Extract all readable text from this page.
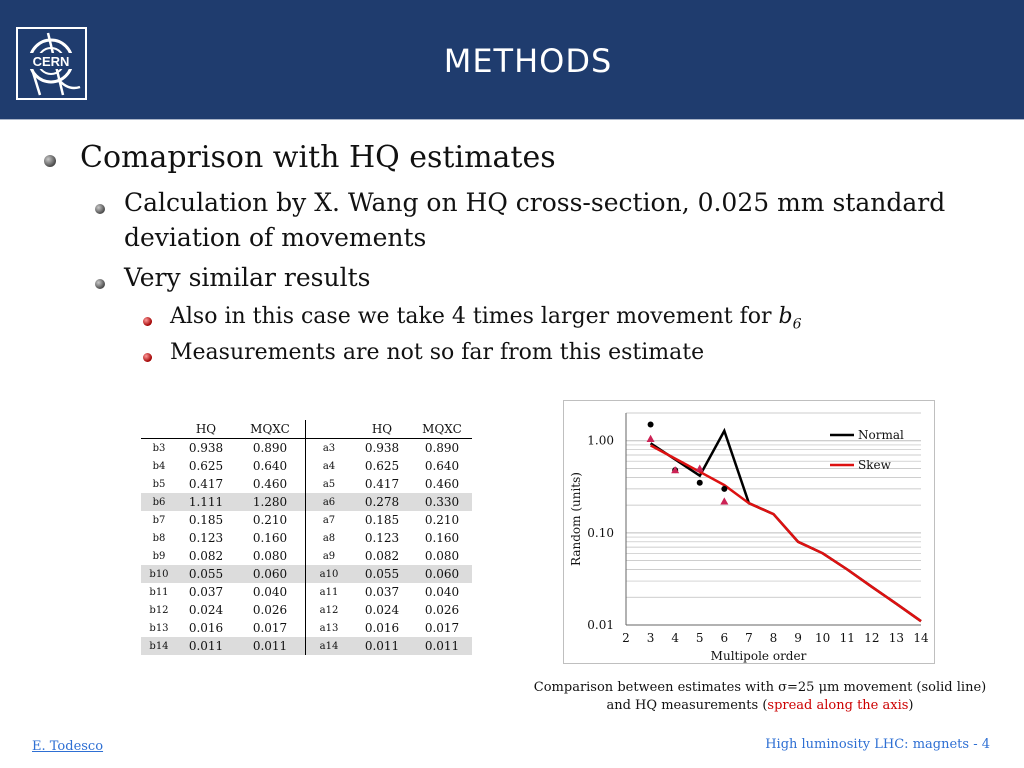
CERN	METHODS
Comaprison with HQ estimates
Calculation by X. Wang on HQ cross-section, 0.025 mm standard
deviation of movements
Very similar results
Also in this case we take 4 times larger movement for $b_6$
Measurements are not so far from this estimate
	HQ	MQXC		HQ	MQXC
b3	0.938	0.890	a3	0.938	0.890
b4	0.625	0.640	a4	0.625	0.640
b5	0.417	0.460	a5	0.417	0.460
b6	1.111	1.280	a6	0.278	0.330
b7	0.185	0.210	a7	0.185	0.210
b8	0.123	0.160	a8	0.123	0.160
b9	0.082	0.080	a9	0.082	0.080
b10	0.055	0.060	a10	0.055	0.060
b11	0.037	0.040	a11	0.037	0.040
b12	0.024	0.026	a12	0.024	0.026
b13	0.016	0.017	a13	0.016	0.017
b14	0.011	0.011	a14	0.011	0.011
1.00
0.10
0.01
2 3 4 5 6 7 8 9 10 11 12 13 14
Multipole order
Random (units)
Normal
Skew
Comparison between estimates with σ=25 μm movement (solid line)
and HQ measurements (spread along the axis)
E. Todesco	High luminosity LHC: magnets - 4
